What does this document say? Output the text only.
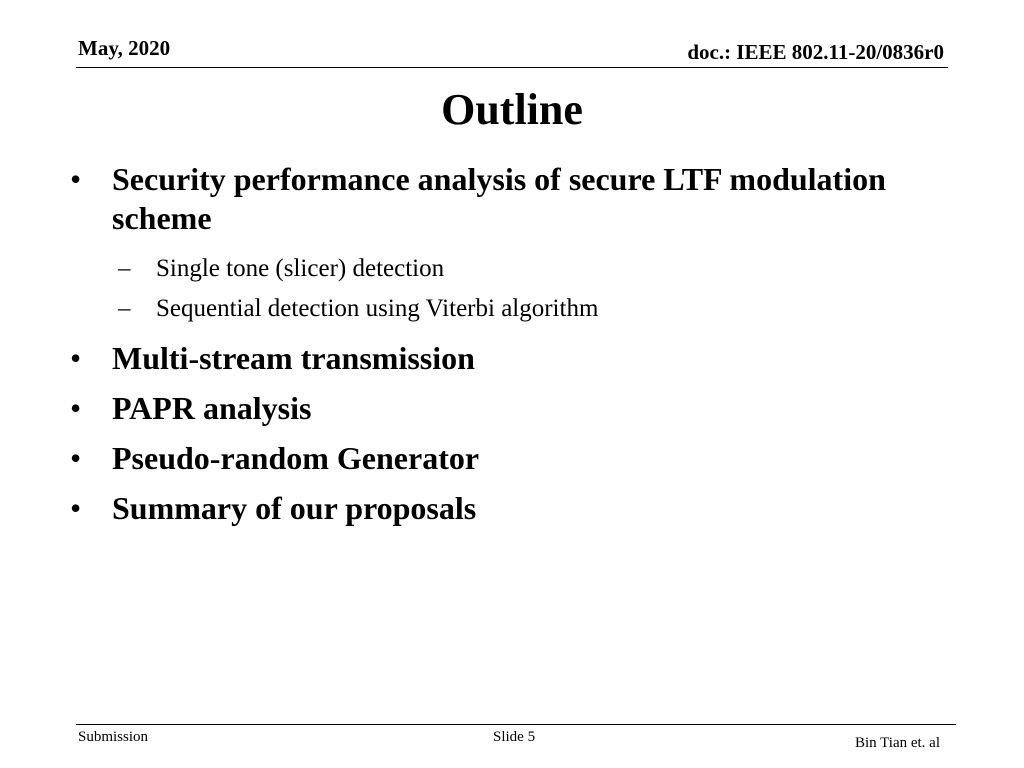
May, 2020	doc.: IEEE 802.11-20/0836r0
Outline
• Security performance analysis of secure LTF modulation scheme
– Single tone (slicer) detection
– Sequential detection using Viterbi algorithm
• Multi-stream transmission
• PAPR analysis
• Pseudo-random Generator
• Summary of our proposals
Submission	Slide 5	Bin Tian et. al
